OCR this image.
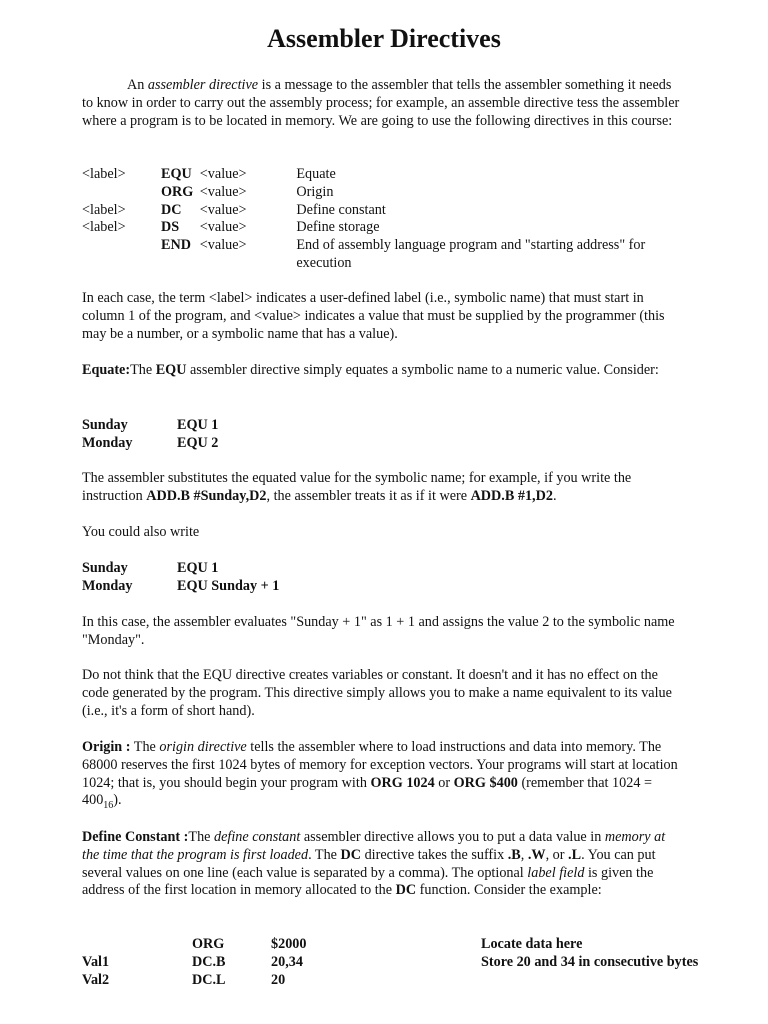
Assembler Directives

An assembler directive is a message to the assembler that tells the assembler something it needs to know in order to carry out the assembly process; for example, an assemble directive tess the assembler where a program is to be located in memory. We are going to use the following directives in this course:

<label>	EQU	<value>	Equate
	ORG	<value>	Origin
<label>	DC	<value>	Define constant
<label>	DS	<value>	Define storage
	END	<value>	End of assembly language program and "starting address" for execution

In each case, the term <label> indicates a user-defined label (i.e., symbolic name) that must start in column 1 of the program, and <value> indicates a value that must be supplied by the programmer (this may be a number, or a symbolic name that has a value).

Equate:The EQU assembler directive simply equates a symbolic name to a numeric value. Consider:

Sunday	EQU 1
Monday	EQU 2

The assembler substitutes the equated value for the symbolic name; for example, if you write the instruction ADD.B #Sunday,D2, the assembler treats it as if it were ADD.B #1,D2.

You could also write

Sunday	EQU 1
Monday	EQU Sunday + 1

In this case, the assembler evaluates "Sunday + 1" as 1 + 1 and assigns the value 2 to the symbolic name "Monday".

Do not think that the EQU directive creates variables or constant. It doesn't and it has no effect on the code generated by the program. This directive simply allows you to make a name equivalent to its value (i.e., it's a form of short hand).

Origin : The origin directive tells the assembler where to load instructions and data into memory. The 68000 reserves the first 1024 bytes of memory for exception vectors. Your programs will start at location 1024; that is, you should begin your program with ORG 1024 or ORG $400 (remember that $1024 = 400_{16}$).

Define Constant :The define constant assembler directive allows you to put a data value in memory at the time that the program is first loaded. The DC directive takes the suffix .B, .W, or .L. You can put several values on one line (each value is separated by a comma). The optional label field is given the address of the first location in memory allocated to the DC function. Consider the example:

	ORG	$2000	Locate data here
Val1	DC.B	20,34	Store 20 and 34 in consecutive bytes
Val2	DC.L	20	
